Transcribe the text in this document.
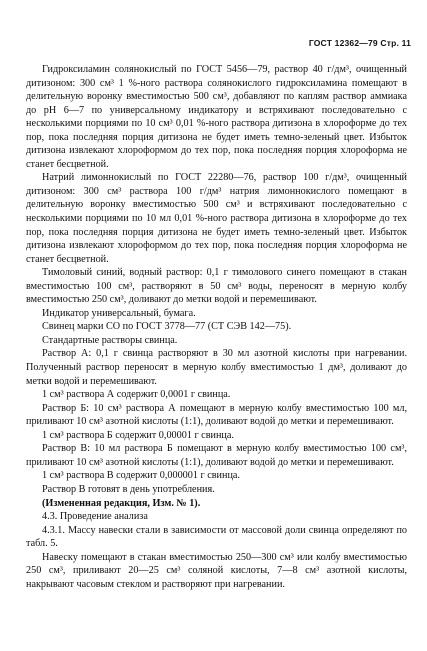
ГОСТ 12362—79 Стр. 11

Гидроксиламин солянокислый по ГОСТ 5456—79, раствор 40 г/дм³, очищенный дитизоном: 300 см³ 1 %-ного раствора солянокислого гидроксиламина помещают в делительную воронку вместимостью 500 см³, добавляют по каплям раствор аммиака до pH 6—7 по универсальному индикатору и встряхивают последовательно с несколькими порциями по 10 см³ 0,01 %-ного раствора дитизона в хлороформе до тех пор, пока последняя порция дитизона не будет иметь темно-зеленый цвет. Избыток дитизона извлекают хлороформом до тех пор, пока последняя порция хлороформа не станет бесцветной.

Натрий лимоннокислый по ГОСТ 22280—76, раствор 100 г/дм³, очищенный дитизоном: 300 см³ раствора 100 г/дм³ натрия лимоннокислого помещают в делительную воронку вместимостью 500 см³ и встряхивают последовательно с несколькими порциями по 10 мл 0,01 %-ного раствора дитизона в хлороформе до тех пор, пока последняя порция дитизона не будет иметь темно-зеленый цвет. Избыток дитизона извлекают хлороформом до тех пор, пока последняя порция хлороформа не станет бесцветной.

Тимоловый синий, водный раствор: 0,1 г тимолового синего помещают в стакан вместимостью 100 см³, растворяют в 50 см³ воды, переносят в мерную колбу вместимостью 250 см³, доливают до метки водой и перемешивают.

Индикатор универсальный, бумага.

Свинец марки СО по ГОСТ 3778—77 (СТ СЭВ 142—75).

Стандартные растворы свинца.

Раствор А: 0,1 г свинца растворяют в 30 мл азотной кислоты при нагревании. Полученный раствор переносят в мерную колбу вместимостью 1 дм³, доливают до метки водой и перемешивают.

1 см³ раствора А содержит 0,0001 г свинца.

Раствор Б: 10 см³ раствора А помещают в мерную колбу вместимостью 100 мл, приливают 10 см³ азотной кислоты (1:1), доливают водой до метки и перемешивают.

1 см³ раствора Б содержит 0,00001 г свинца.

Раствор В: 10 мл раствора Б помещают в мерную колбу вместимостью 100 см³, приливают 10 см³ азотной кислоты (1:1), доливают водой до метки и перемешивают.

1 см³ раствора В содержит 0,000001 г свинца.

Раствор В готовят в день употребления.

(Измененная редакция, Изм. № 1).

4.3. Проведение анализа

4.3.1. Массу навески стали в зависимости от массовой доли свинца определяют по табл. 5.

Навеску помещают в стакан вместимостью 250—300 см³ или колбу вместимостью 250 см³, приливают 20—25 см³ соляной кислоты, 7—8 см³ азотной кислоты, накрывают часовым стеклом и растворяют при нагревании.
